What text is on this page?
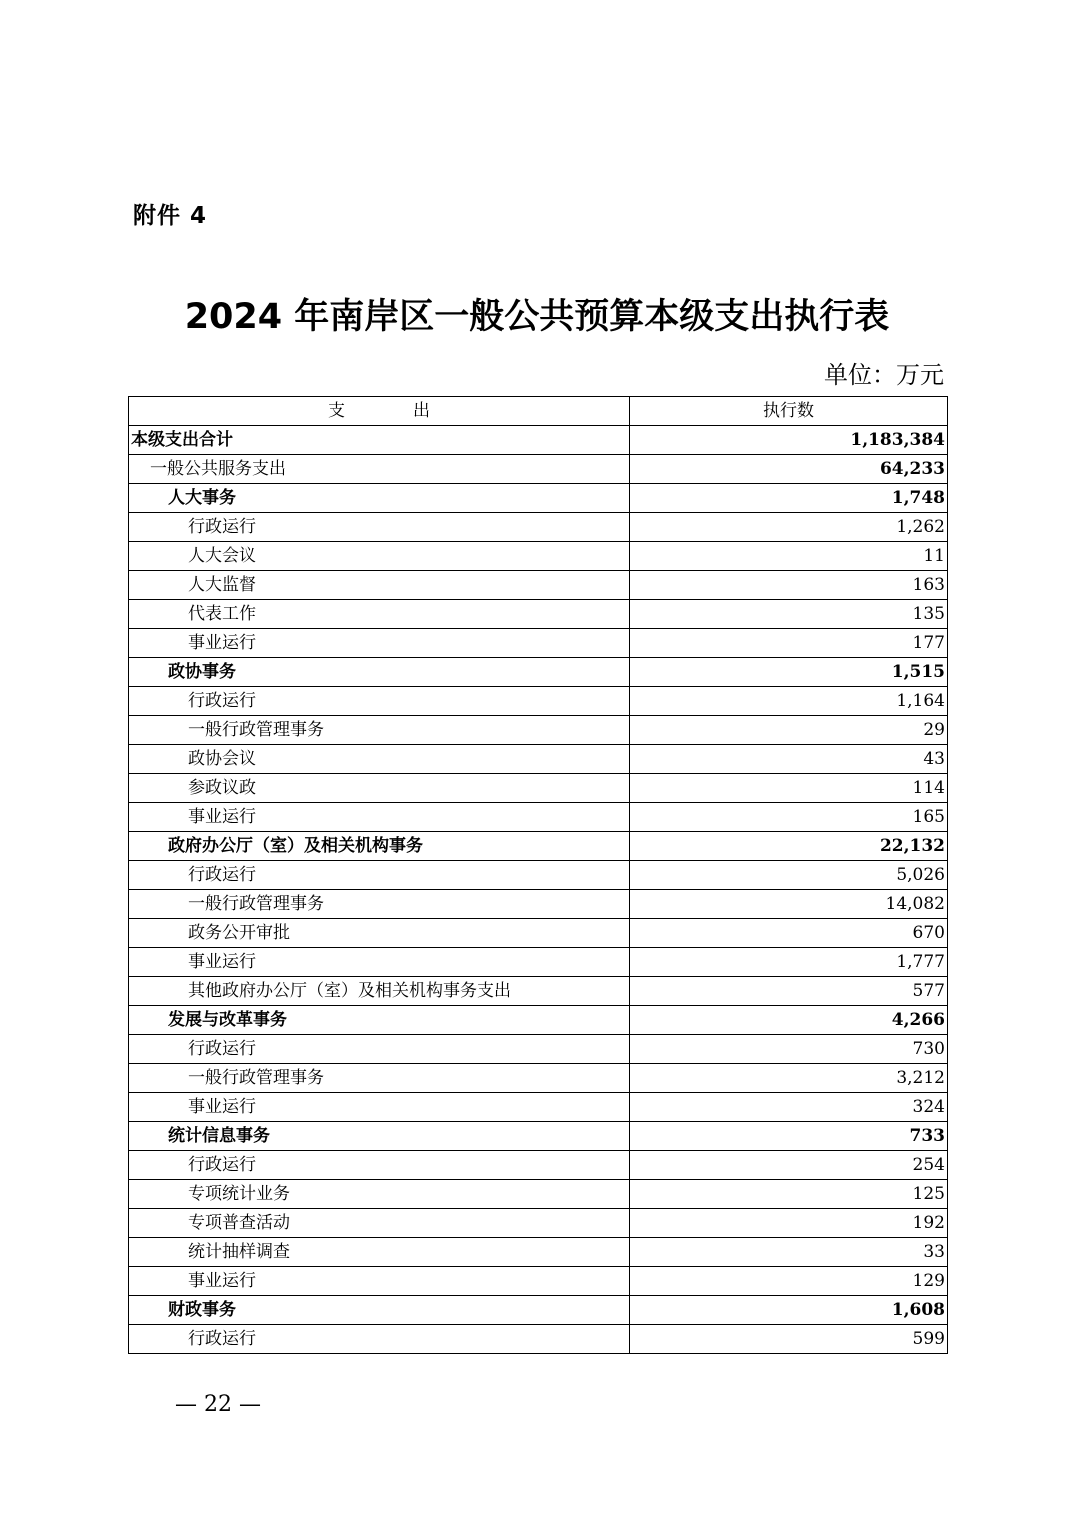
附件 4
2024 年南岸区一般公共预算本级支出执行表
单位：万元
支　　　　出	执行数
本级支出合计	1,183,384
一般公共服务支出	64,233
人大事务	1,748
行政运行	1,262
人大会议	11
人大监督	163
代表工作	135
事业运行	177
政协事务	1,515
行政运行	1,164
一般行政管理事务	29
政协会议	43
参政议政	114
事业运行	165
政府办公厅（室）及相关机构事务	22,132
行政运行	5,026
一般行政管理事务	14,082
政务公开审批	670
事业运行	1,777
其他政府办公厅（室）及相关机构事务支出	577
发展与改革事务	4,266
行政运行	730
一般行政管理事务	3,212
事业运行	324
统计信息事务	733
行政运行	254
专项统计业务	125
专项普查活动	192
统计抽样调查	33
事业运行	129
财政事务	1,608
行政运行	599
— 22 —
